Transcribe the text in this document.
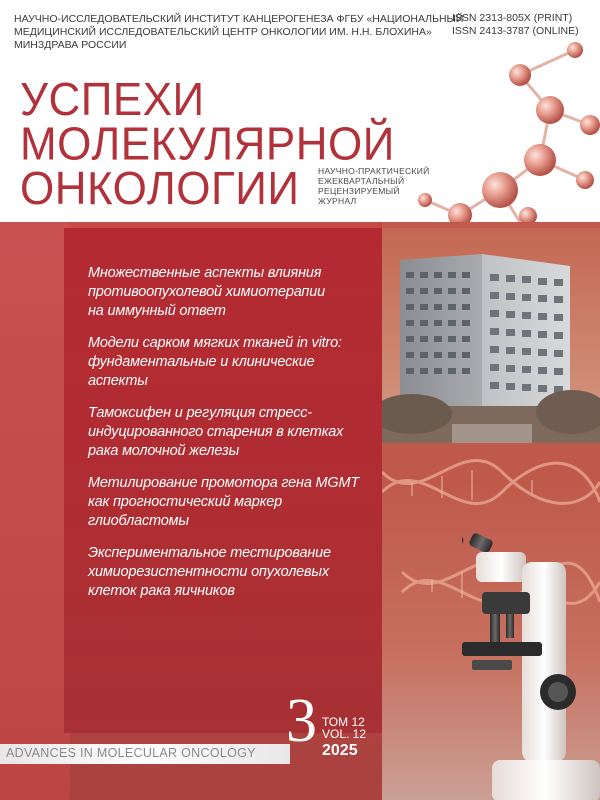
НАУЧНО-ИССЛЕДОВАТЕЛЬСКИЙ ИНСТИТУТ КАНЦЕРОГЕНЕЗА ФГБУ «НАЦИОНАЛЬНЫЙ
МЕДИЦИНСКИЙ ИССЛЕДОВАТЕЛЬСКИЙ ЦЕНТР ОНКОЛОГИИ ИМ. Н.Н. БЛОХИНА»
МИНЗДРАВА РОССИИ
ISSN 2313-805X (PRINT)
ISSN 2413-3787 (ONLINE)
УСПЕХИ
МОЛЕКУЛЯРНОЙ
ОНКОЛОГИИ	НАУЧНО-ПРАКТИЧЕСКИЙ
ЕЖЕКВАРТАЛЬНЫЙ
РЕЦЕНЗИРУЕМЫЙ
ЖУРНАЛ
Множественные аспекты влияния
противоопухолевой химиотерапии
на иммунный ответ
Модели сарком мягких тканей in vitro:
фундаментальные и клинические
аспекты
Тамоксифен и регуляция стресс-
индуцированного старения в клетках
рака молочной железы
Метилирование промотора гена MGMT
как прогностический маркер
глиобластомы
Экспериментальное тестирование
химиорезистентности опухолевых
клеток рака яичников
ADVANCES IN MOLECULAR ONCOLOGY 3 ТОМ 12
VOL. 12
2025
